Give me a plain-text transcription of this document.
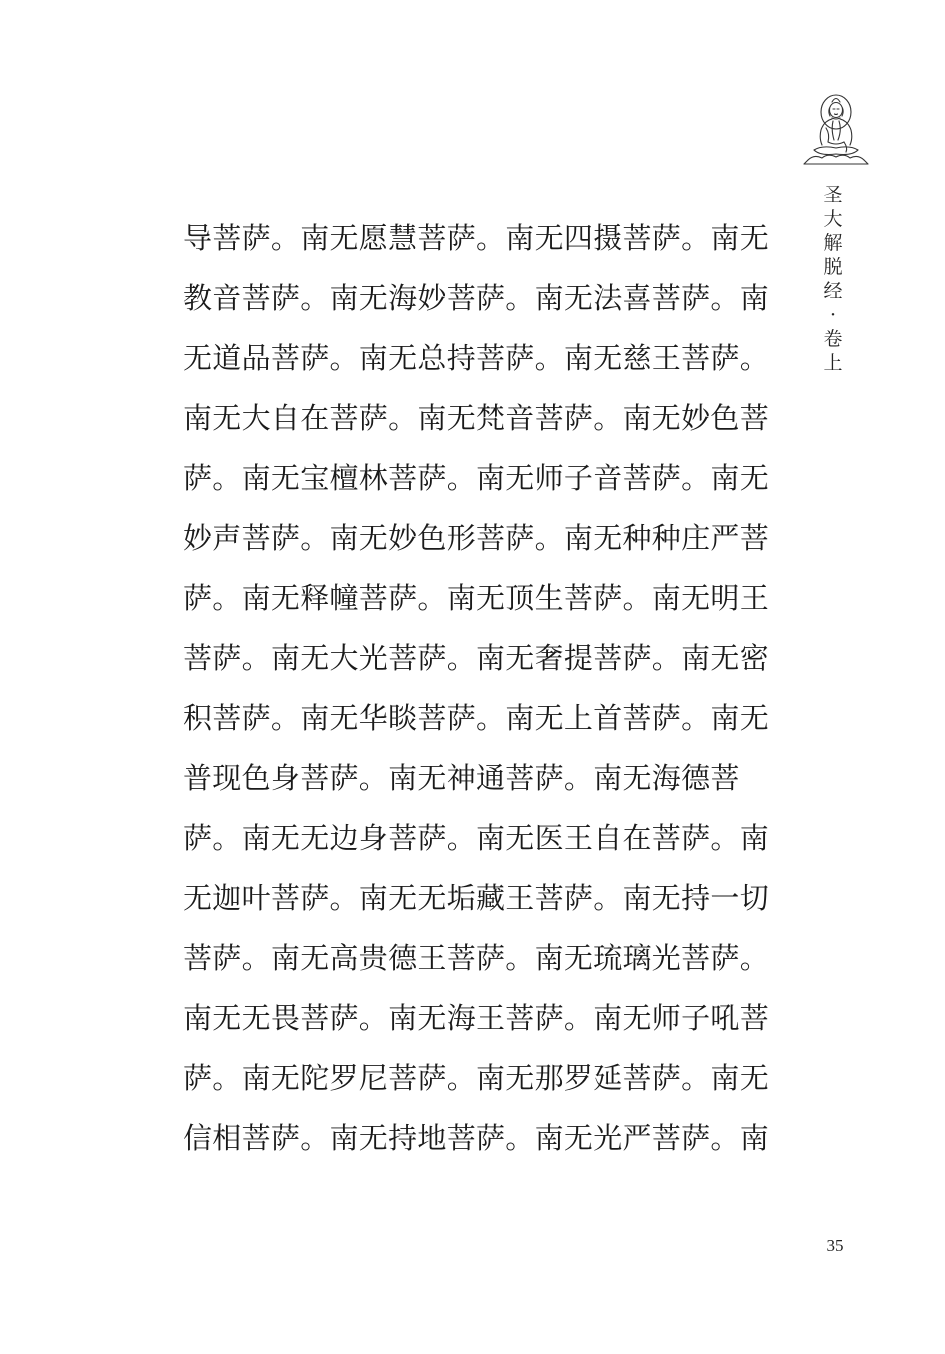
圣
大
解
脱
经
·
卷
上
导菩萨。南无愿慧菩萨。南无四摄菩萨。南无
教音菩萨。南无海妙菩萨。南无法喜菩萨。南
无道品菩萨。南无总持菩萨。南无慈王菩萨。
南无大自在菩萨。南无梵音菩萨。南无妙色菩
萨。南无宝檀林菩萨。南无师子音菩萨。南无
妙声菩萨。南无妙色形菩萨。南无种种庄严菩
萨。南无释幢菩萨。南无顶生菩萨。南无明王
菩萨。南无大光菩萨。南无奢提菩萨。南无密
积菩萨。南无华睒菩萨。南无上首菩萨。南无
普现色身菩萨。南无神通菩萨。南无海德菩
萨。南无无边身菩萨。南无医王自在菩萨。南
无迦叶菩萨。南无无垢藏王菩萨。南无持一切
菩萨。南无高贵德王菩萨。南无琉璃光菩萨。
南无无畏菩萨。南无海王菩萨。南无师子吼菩
萨。南无陀罗尼菩萨。南无那罗延菩萨。南无
信相菩萨。南无持地菩萨。南无光严菩萨。南
35
